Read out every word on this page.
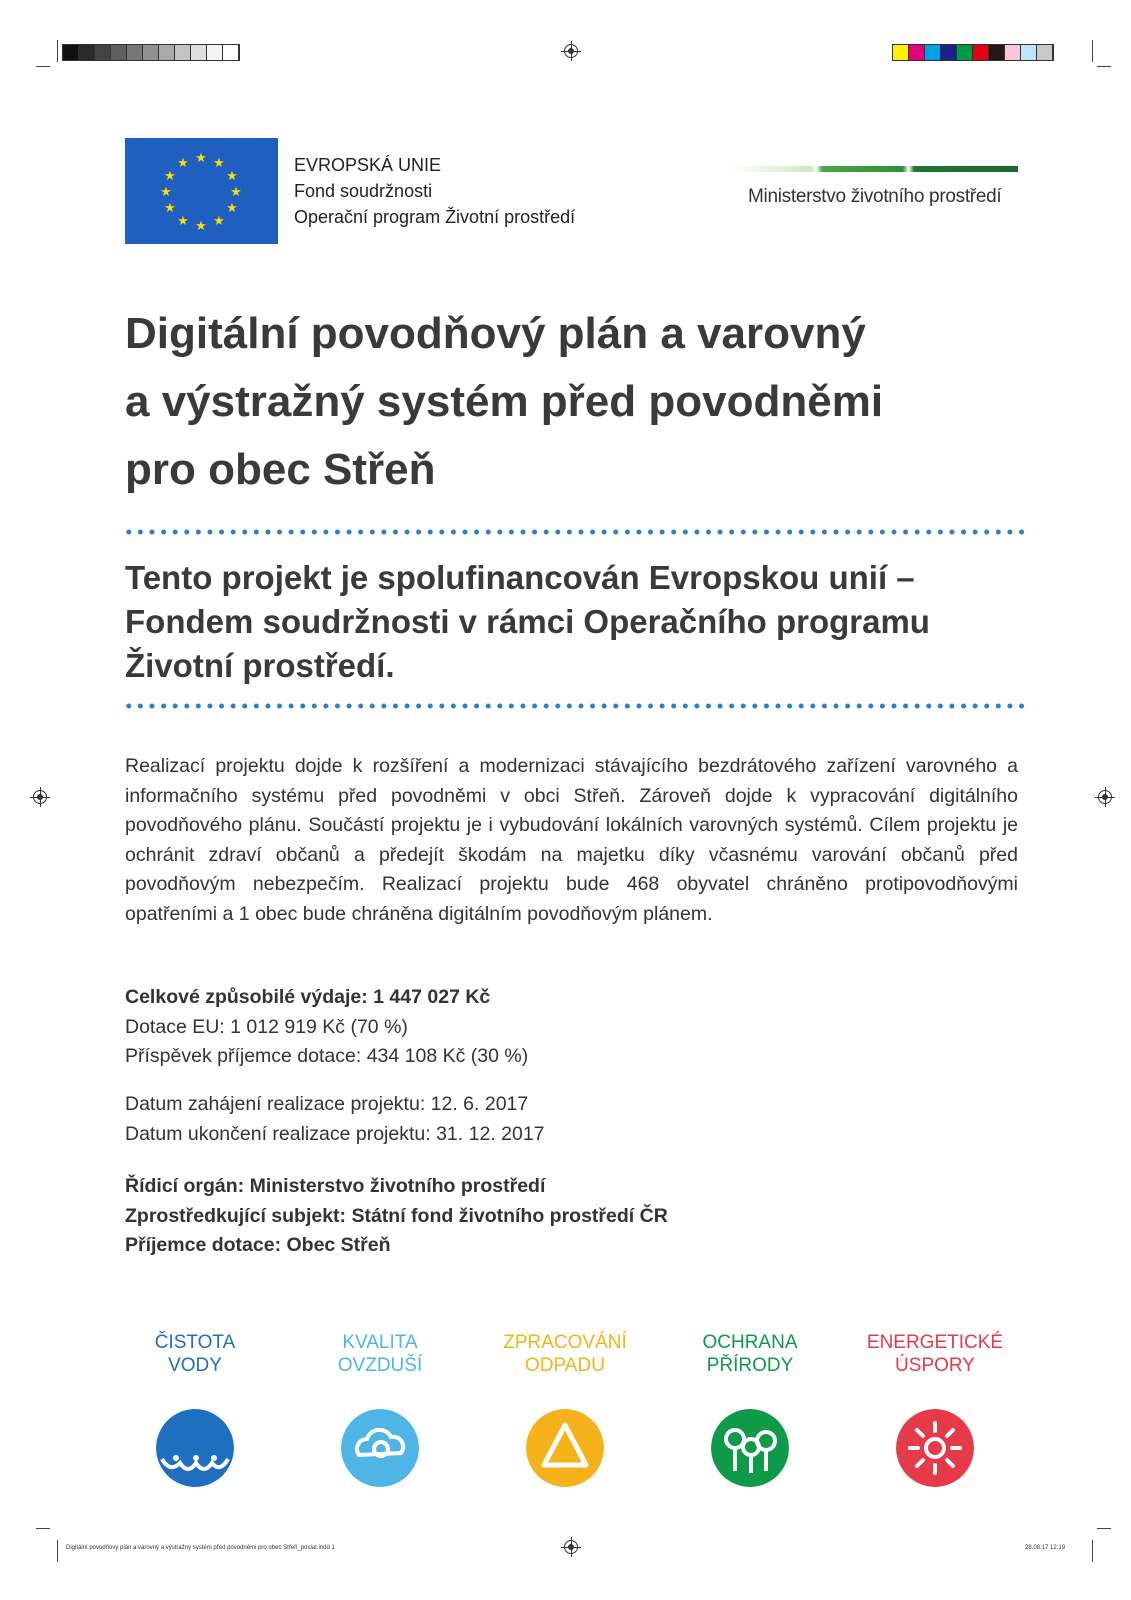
★ ★
★
★
★
★
★
★
★
★
★
★	EVROPSKÁ UNIE
Fond soudržnosti
Operační program Životní prostředí
Ministerstvo životního prostředí
Digitální povodňový plán a varovný
a výstražný systém před povodněmi
pro obec Střeň
Tento projekt je spolufinancován Evropskou unií –
Fondem soudržnosti v rámci Operačního programu
Životní prostředí.
Realizací projektu dojde k rozšíření a modernizaci stávajícího bezdrátového zařízení varovného a informačního systému před povodněmi v obci Střeň. Zároveň dojde k vypracování digitálního povodňového plánu. Součástí projektu je i vybudování lokálních varovných systémů. Cílem projektu je ochránit zdraví občanů a předejít škodám na majetku díky včasnému varování občanů před povodňovým nebezpečím. Realizací projektu bude 468 obyvatel chráněno protipovodňovými opatřeními a 1 obec bude chráněna digitálním povodňovým plánem.
Celkové způsobilé výdaje: 1 447 027 Kč
Dotace EU: 1 012 919 Kč (70 %)
Příspěvek příjemce dotace: 434 108 Kč (30 %)
Datum zahájení realizace projektu: 12. 6. 2017
Datum ukončení realizace projektu: 31. 12. 2017
Řídicí orgán: Ministerstvo životního prostředí
Zprostředkující subjekt: Státní fond životního prostředí ČR
Příjemce dotace: Obec Střeň
ČISTOTA
VODY
KVALITA
OVZDUŠÍ
ZPRACOVÁNÍ
ODPADU
OCHRANA
PŘÍRODY
ENERGETICKÉ
ÚSPORY
Digitální povodňový plán a varovný a výstražný systém před povodněmi pro obec Střeň_poslat.indd 1	28.08.17 12:19
